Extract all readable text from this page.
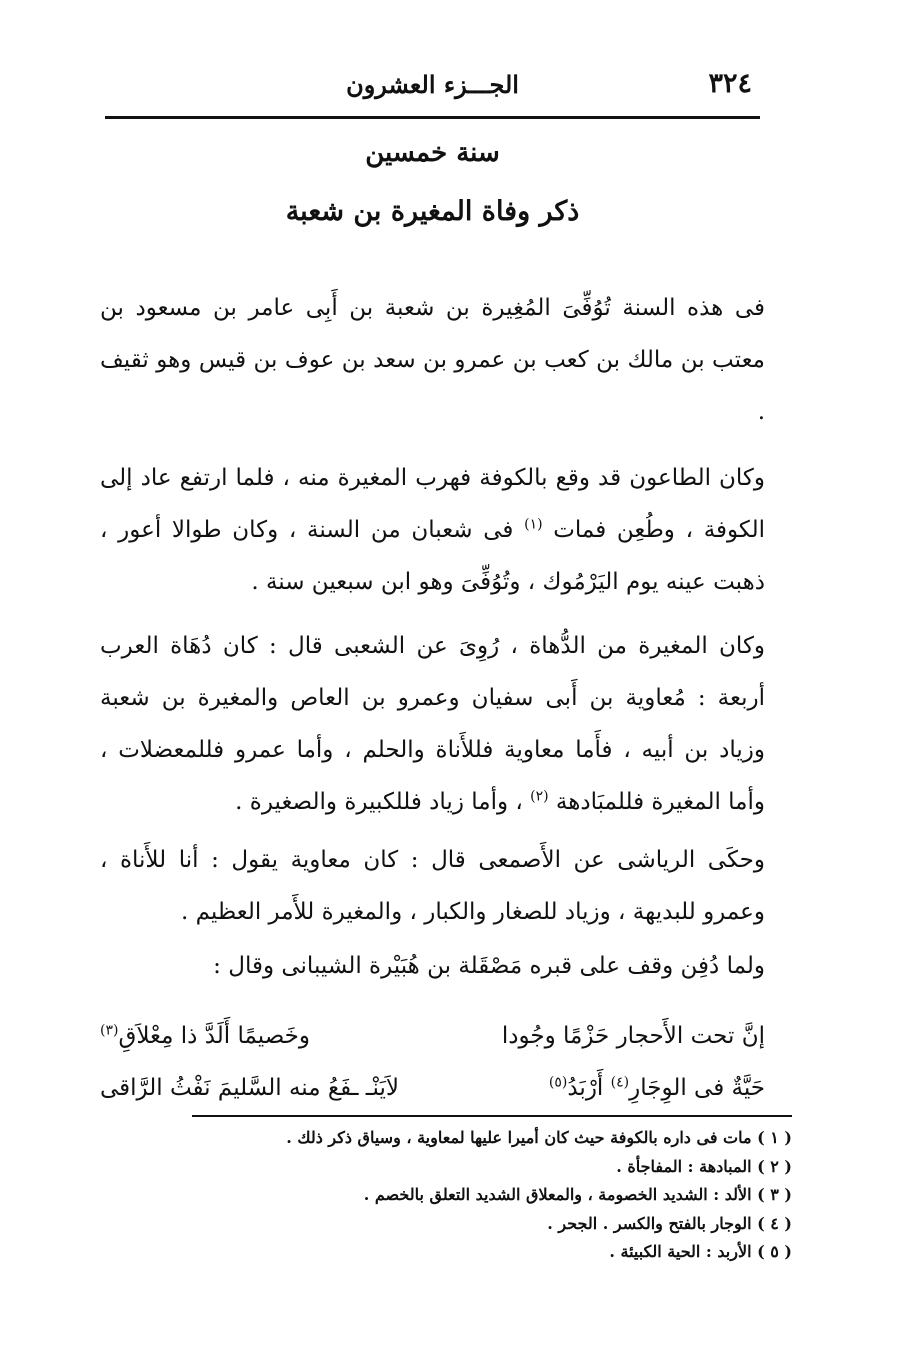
٣٢٤
الجـــزء العشرون
سنة خمسين
ذكر وفاة المغيرة بن شعبة

فى هذه السنة تُوُفِّىَ المُغِيرة بن شعبة بن أَبِى عامر بن مسعود بن معتب بن مالك بن كعب بن عمرو بن سعد بن عوف بن قيس وهو ثقيف .

وكان الطاعون قد وقع بالكوفة فهرب المغيرة منه ، فلما ارتفع عاد إلى الكوفة ، وطُعِن فمات $^{(١)}$ فى شعبان من السنة ، وكان طوالا أعور ، ذهبت عينه يوم اليَرْمُوك ، وتُوُفِّىَ وهو ابن سبعين سنة .

وكان المغيرة من الدُّهاة ، رُوِىَ عن الشعبى قال : كان دُهَاة العرب أربعة : مُعاوية بن أَبى سفيان وعمرو بن العاص والمغيرة بن شعبة وزياد بن أبيه ، فأَما معاوية فللأَناة والحلم ، وأما عمرو فللمعضلات ، وأما المغيرة فللمبَادهة $^{(٢)}$ ، وأما زياد فللكبيرة والصغيرة .

وحكَى الرياشى عن الأَصمعى قال : كان معاوية يقول : أنا للأَناة ، وعمرو للبديهة ، وزياد للصغار والكبار ، والمغيرة للأَمر العظيم .

ولما دُفِن وقف على قبره مَصْقَلة بن هُبَيْرة الشيبانى وقال :

إنَّ تحت الأَحجار حَزْمًا وجُودا
وخَصيمًا أَلَدَّ ذا مِعْلاَقِ$^{(٣)}$
حَيَّةٌ فى الوِجَارِ$^{(٤)}$ أَرْبَدُ$^{(٥)}$
لاَيَنْـ ـفَعُ منه السَّليمَ نَفْثُ الرَّاقى
( ١ ) مات فى داره بالكوفة حيث كان أميرا عليها لمعاوية ، وسياق ذكر ذلك .
( ٢ ) المبادهة : المفاجأة .
( ٣ ) الألد : الشديد الخصومة ، والمعلاق الشديد التعلق بالخصم .
( ٤ ) الوجار بالفتح والكسر . الجحر .
( ٥ ) الأربد : الحية الكبيئة .
